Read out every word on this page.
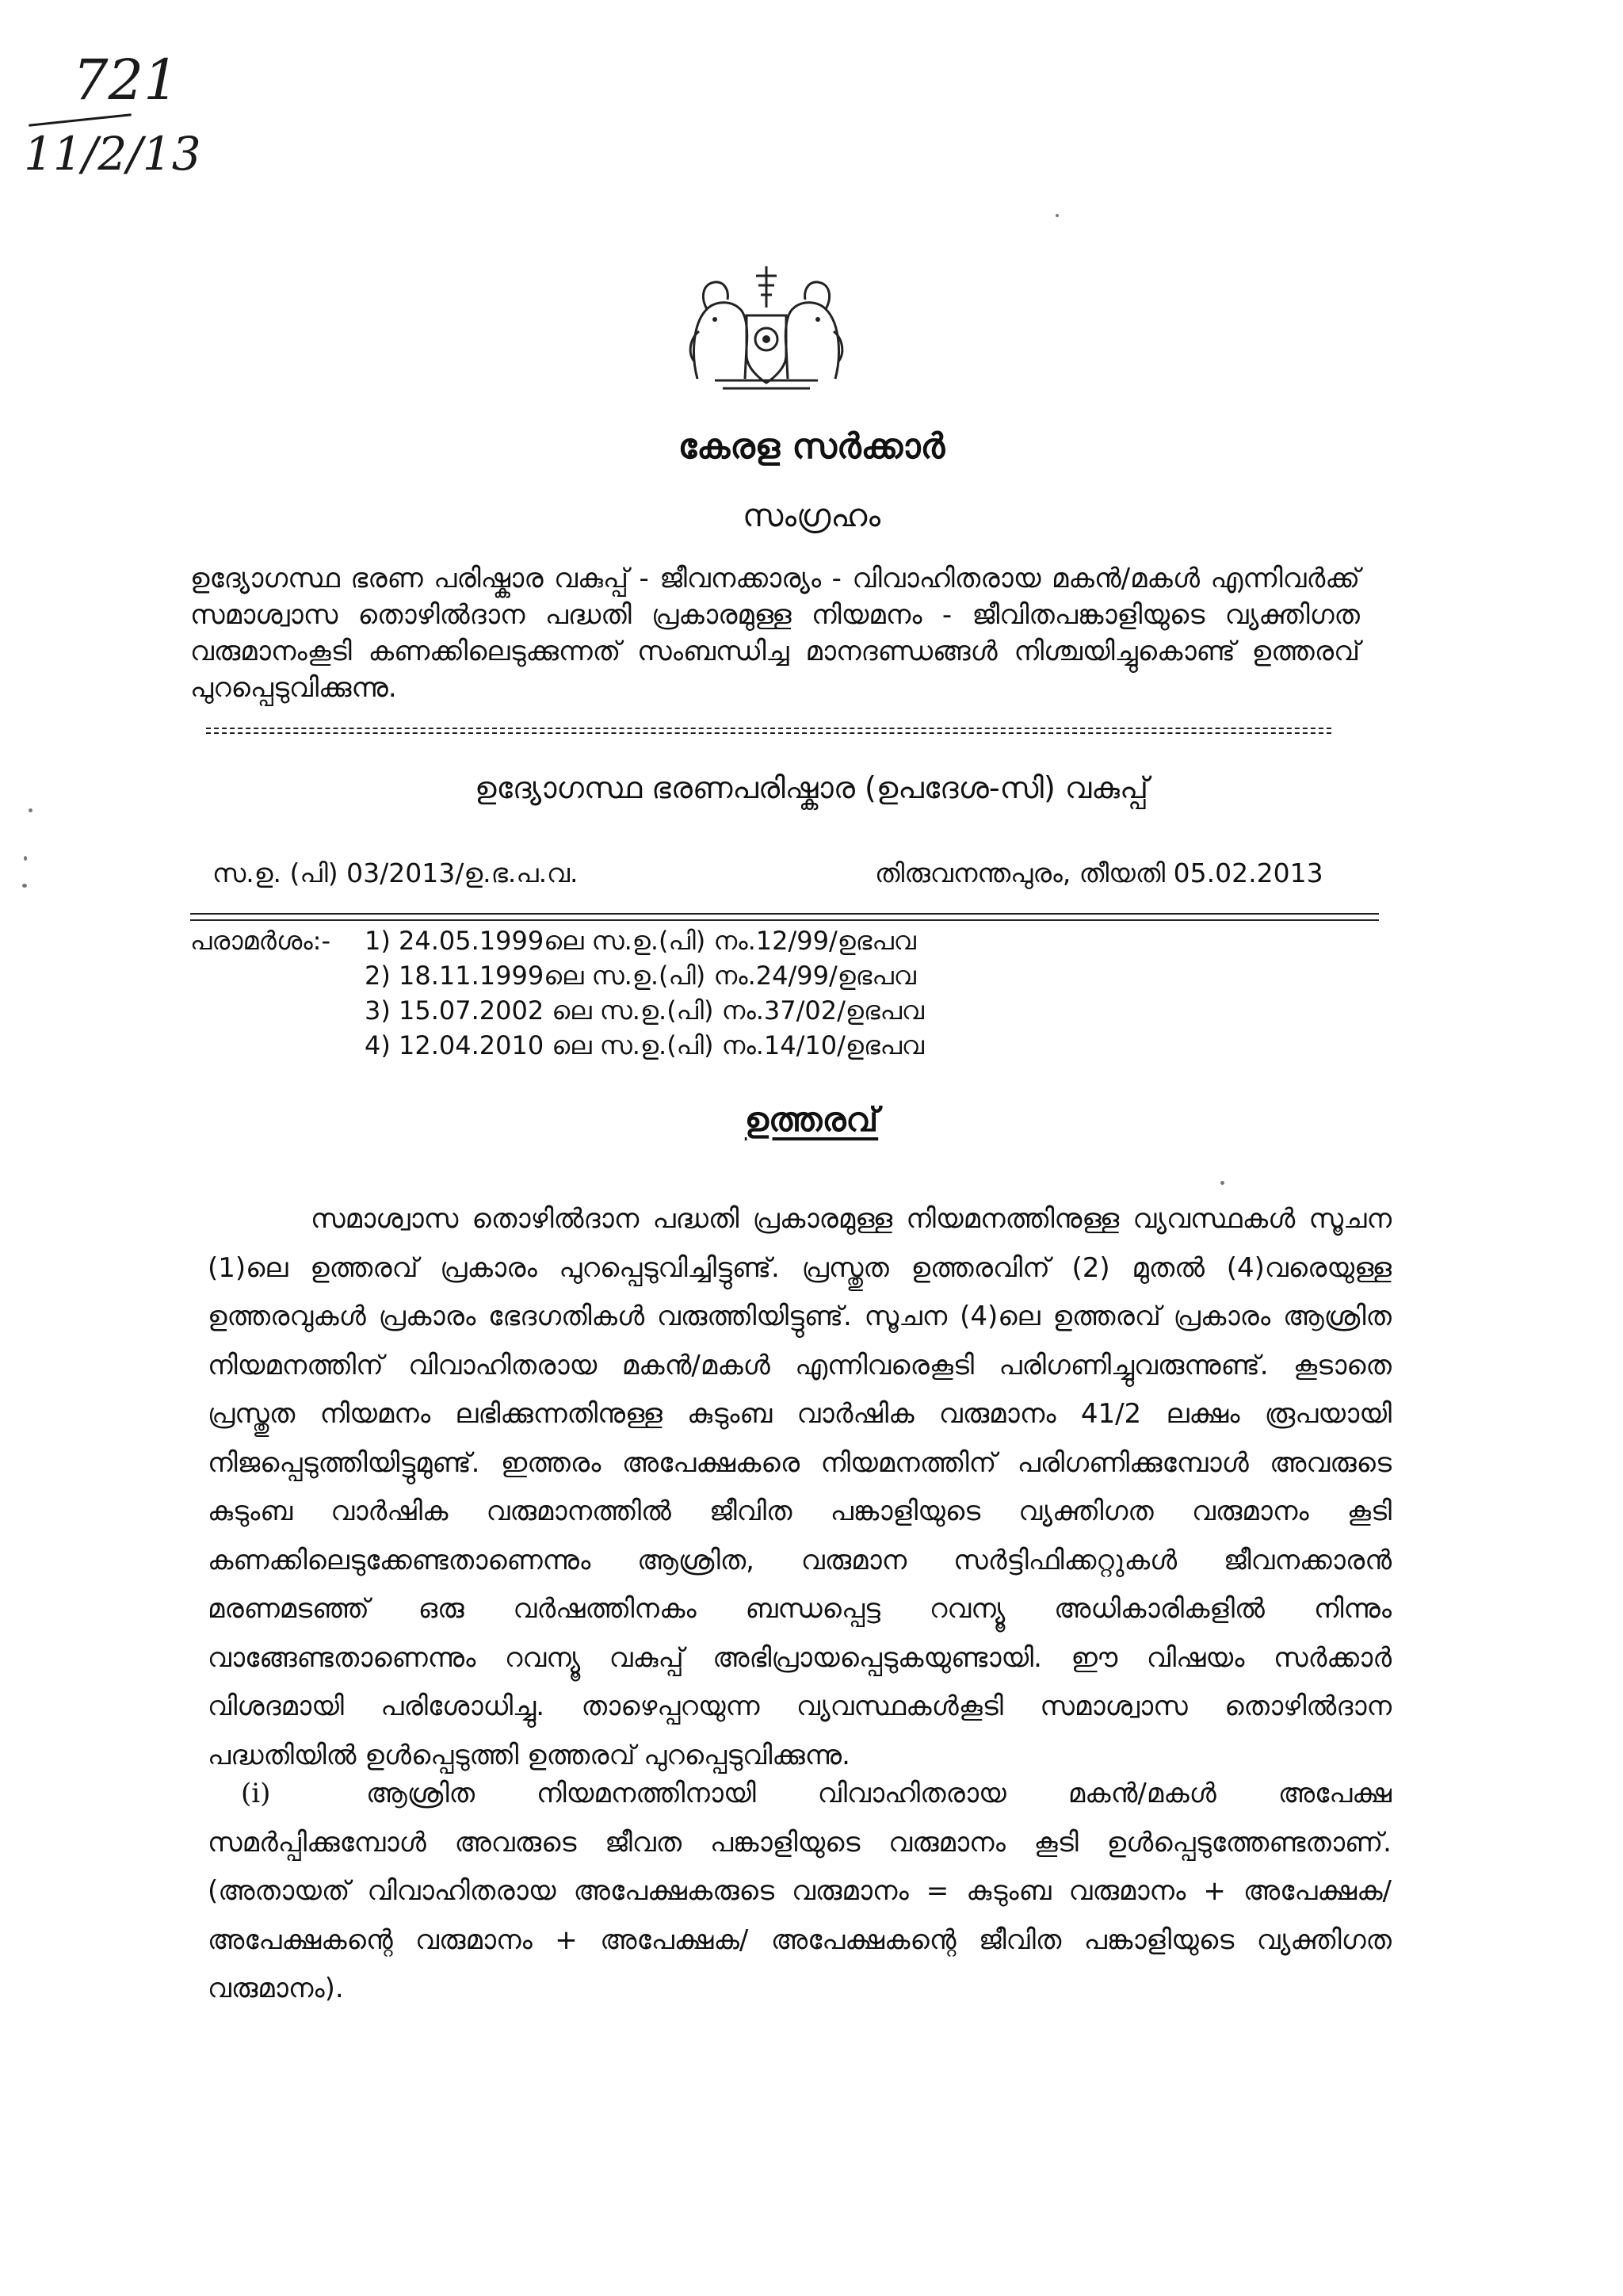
721
11/2/13
കേരള സർക്കാർ
സംഗ്രഹം
ഉദ്യോഗസ്ഥ ഭരണ പരിഷ്കാര വകുപ്പ് - ജീവനക്കാര്യം - വിവാഹിതരായ മകൻ/മകൾ എന്നിവർക്ക് സമാശ്വാസ തൊഴിൽദാന പദ്ധതി പ്രകാരമുള്ള നിയമനം - ജീവിതപങ്കാളിയുടെ വ്യക്തിഗത വരുമാനംകൂടി കണക്കിലെടുക്കുന്നത് സംബന്ധിച്ച മാനദണ്ഡങ്ങൾ നിശ്ചയിച്ചുകൊണ്ട് ഉത്തരവ് പുറപ്പെടുവിക്കുന്നു.
ഉദ്യോഗസ്ഥ ഭരണപരിഷ്കാര (ഉപദേശ-സി) വകുപ്പ്
സ.ഉ. (പി) 03/2013/ഉ.ഭ.പ.വ.	തിരുവനന്തപുരം, തീയതി 05.02.2013
പരാമർശം:- 1) 24.05.1999ലെ സ.ഉ.(പി) നം.12/99/ഉഭപവ
2) 18.11.1999ലെ സ.ഉ.(പി) നം.24/99/ഉഭപവ
3) 15.07.2002 ലെ സ.ഉ.(പി) നം.37/02/ഉഭപവ
4) 12.04.2010 ലെ സ.ഉ.(പി) നം.14/10/ഉഭപവ
ഉത്തരവ്
സമാശ്വാസ തൊഴിൽദാന പദ്ധതി പ്രകാരമുള്ള നിയമനത്തിനുള്ള വ്യവസ്ഥകൾ സൂചന (1)ലെ ഉത്തരവ് പ്രകാരം പുറപ്പെടുവിച്ചിട്ടുണ്ട്. പ്രസ്തുത ഉത്തരവിന് (2) മുതൽ (4)വരെയുള്ള ഉത്തരവുകൾ പ്രകാരം ഭേദഗതികൾ വരുത്തിയിട്ടുണ്ട്. സൂചന (4)ലെ ഉത്തരവ് പ്രകാരം ആശ്രിത നിയമനത്തിന് വിവാഹിതരായ മകൻ/മകൾ എന്നിവരെകൂടി പരിഗണിച്ചുവരുന്നുണ്ട്. കൂടാതെ പ്രസ്തുത നിയമനം ലഭിക്കുന്നതിനുള്ള കുടുംബ വാർഷിക വരുമാനം 41/2 ലക്ഷം രൂപയായി നിജപ്പെടുത്തിയിട്ടുമുണ്ട്. ഇത്തരം അപേക്ഷകരെ നിയമനത്തിന് പരിഗണിക്കുമ്പോൾ അവരുടെ കുടുംബ വാർഷിക വരുമാനത്തിൽ ജീവിത പങ്കാളിയുടെ വ്യക്തിഗത വരുമാനം കൂടി കണക്കിലെടുക്കേണ്ടതാണെന്നും ആശ്രിത, വരുമാന സർട്ടിഫിക്കറ്റുകൾ ജീവനക്കാരൻ മരണമടഞ്ഞ് ഒരു വർഷത്തിനകം ബന്ധപ്പെട്ട റവന്യൂ അധികാരികളിൽ നിന്നും വാങ്ങേണ്ടതാണെന്നും റവന്യൂ വകുപ്പ് അഭിപ്രായപ്പെടുകയുണ്ടായി. ഈ വിഷയം സർക്കാർ വിശദമായി പരിശോധിച്ചു. താഴെപ്പറയുന്ന വ്യവസ്ഥകൾകൂടി സമാശ്വാസ തൊഴിൽദാന പദ്ധതിയിൽ ഉൾപ്പെടുത്തി ഉത്തരവ് പുറപ്പെടുവിക്കുന്നു.
(i)	ആശ്രിത നിയമനത്തിനായി വിവാഹിതരായ മകൻ/മകൾ അപേക്ഷ സമർപ്പിക്കുമ്പോൾ അവരുടെ ജീവത പങ്കാളിയുടെ വരുമാനം കൂടി ഉൾപ്പെടുത്തേണ്ടതാണ്. (അതായത് വിവാഹിതരായ അപേക്ഷകരുടെ വരുമാനം = കുടുംബ വരുമാനം + അപേക്ഷക/അപേക്ഷകന്റെ വരുമാനം + അപേക്ഷക/ അപേക്ഷകന്റെ ജീവിത പങ്കാളിയുടെ വ്യക്തിഗത വരുമാനം).
